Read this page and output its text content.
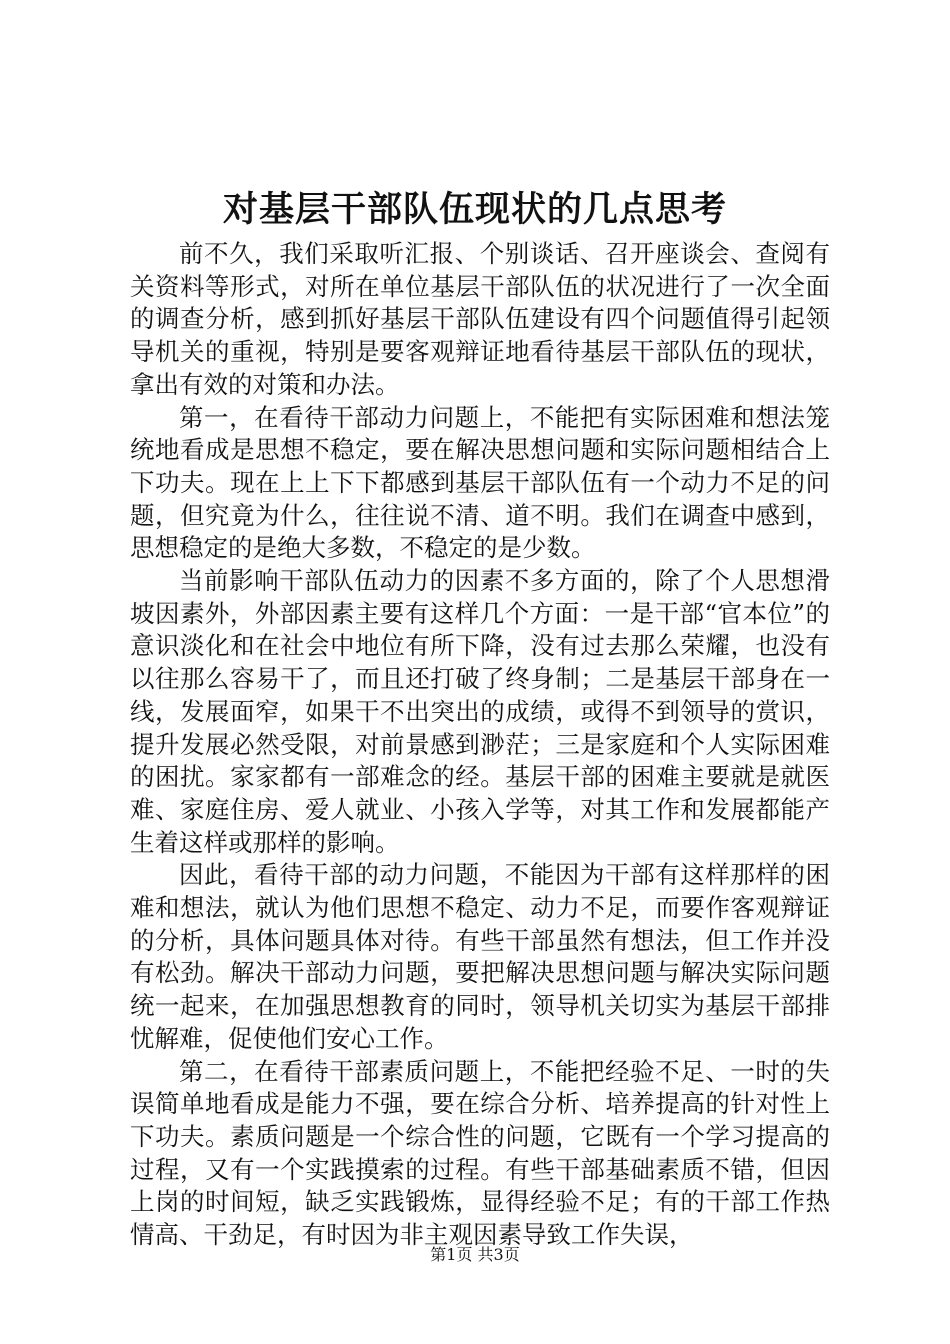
对基层干部队伍现状的几点思考

前不久，我们采取听汇报、个别谈话、召开座谈会、查阅有关资料等形式，对所在单位基层干部队伍的状况进行了一次全面的调查分析，感到抓好基层干部队伍建设有四个问题值得引起领导机关的重视，特别是要客观辩证地看待基层干部队伍的现状，拿出有效的对策和办法。

第一，在看待干部动力问题上，不能把有实际困难和想法笼统地看成是思想不稳定，要在解决思想问题和实际问题相结合上下功夫。现在上上下下都感到基层干部队伍有一个动力不足的问题，但究竟为什么，往往说不清、道不明。我们在调查中感到，思想稳定的是绝大多数，不稳定的是少数。

当前影响干部队伍动力的因素不多方面的，除了个人思想滑坡因素外，外部因素主要有这样几个方面：一是干部“官本位”的意识淡化和在社会中地位有所下降，没有过去那么荣耀，也没有以往那么容易干了，而且还打破了终身制；二是基层干部身在一线，发展面窄，如果干不出突出的成绩，或得不到领导的赏识，提升发展必然受限，对前景感到渺茫；三是家庭和个人实际困难的困扰。家家都有一部难念的经。基层干部的困难主要就是就医难、家庭住房、爱人就业、小孩入学等，对其工作和发展都能产生着这样或那样的影响。

因此，看待干部的动力问题，不能因为干部有这样那样的困难和想法，就认为他们思想不稳定、动力不足，而要作客观辩证的分析，具体问题具体对待。有些干部虽然有想法，但工作并没有松劲。解决干部动力问题，要把解决思想问题与解决实际问题统一起来，在加强思想教育的同时，领导机关切实为基层干部排忧解难，促使他们安心工作。

第二，在看待干部素质问题上，不能把经验不足、一时的失误简单地看成是能力不强，要在综合分析、培养提高的针对性上下功夫。素质问题是一个综合性的问题，它既有一个学习提高的过程，又有一个实践摸索的过程。有些干部基础素质不错，但因上岗的时间短，缺乏实践锻炼，显得经验不足；有的干部工作热情高、干劲足，有时因为非主观因素导致工作失误，

第1页 共3页
